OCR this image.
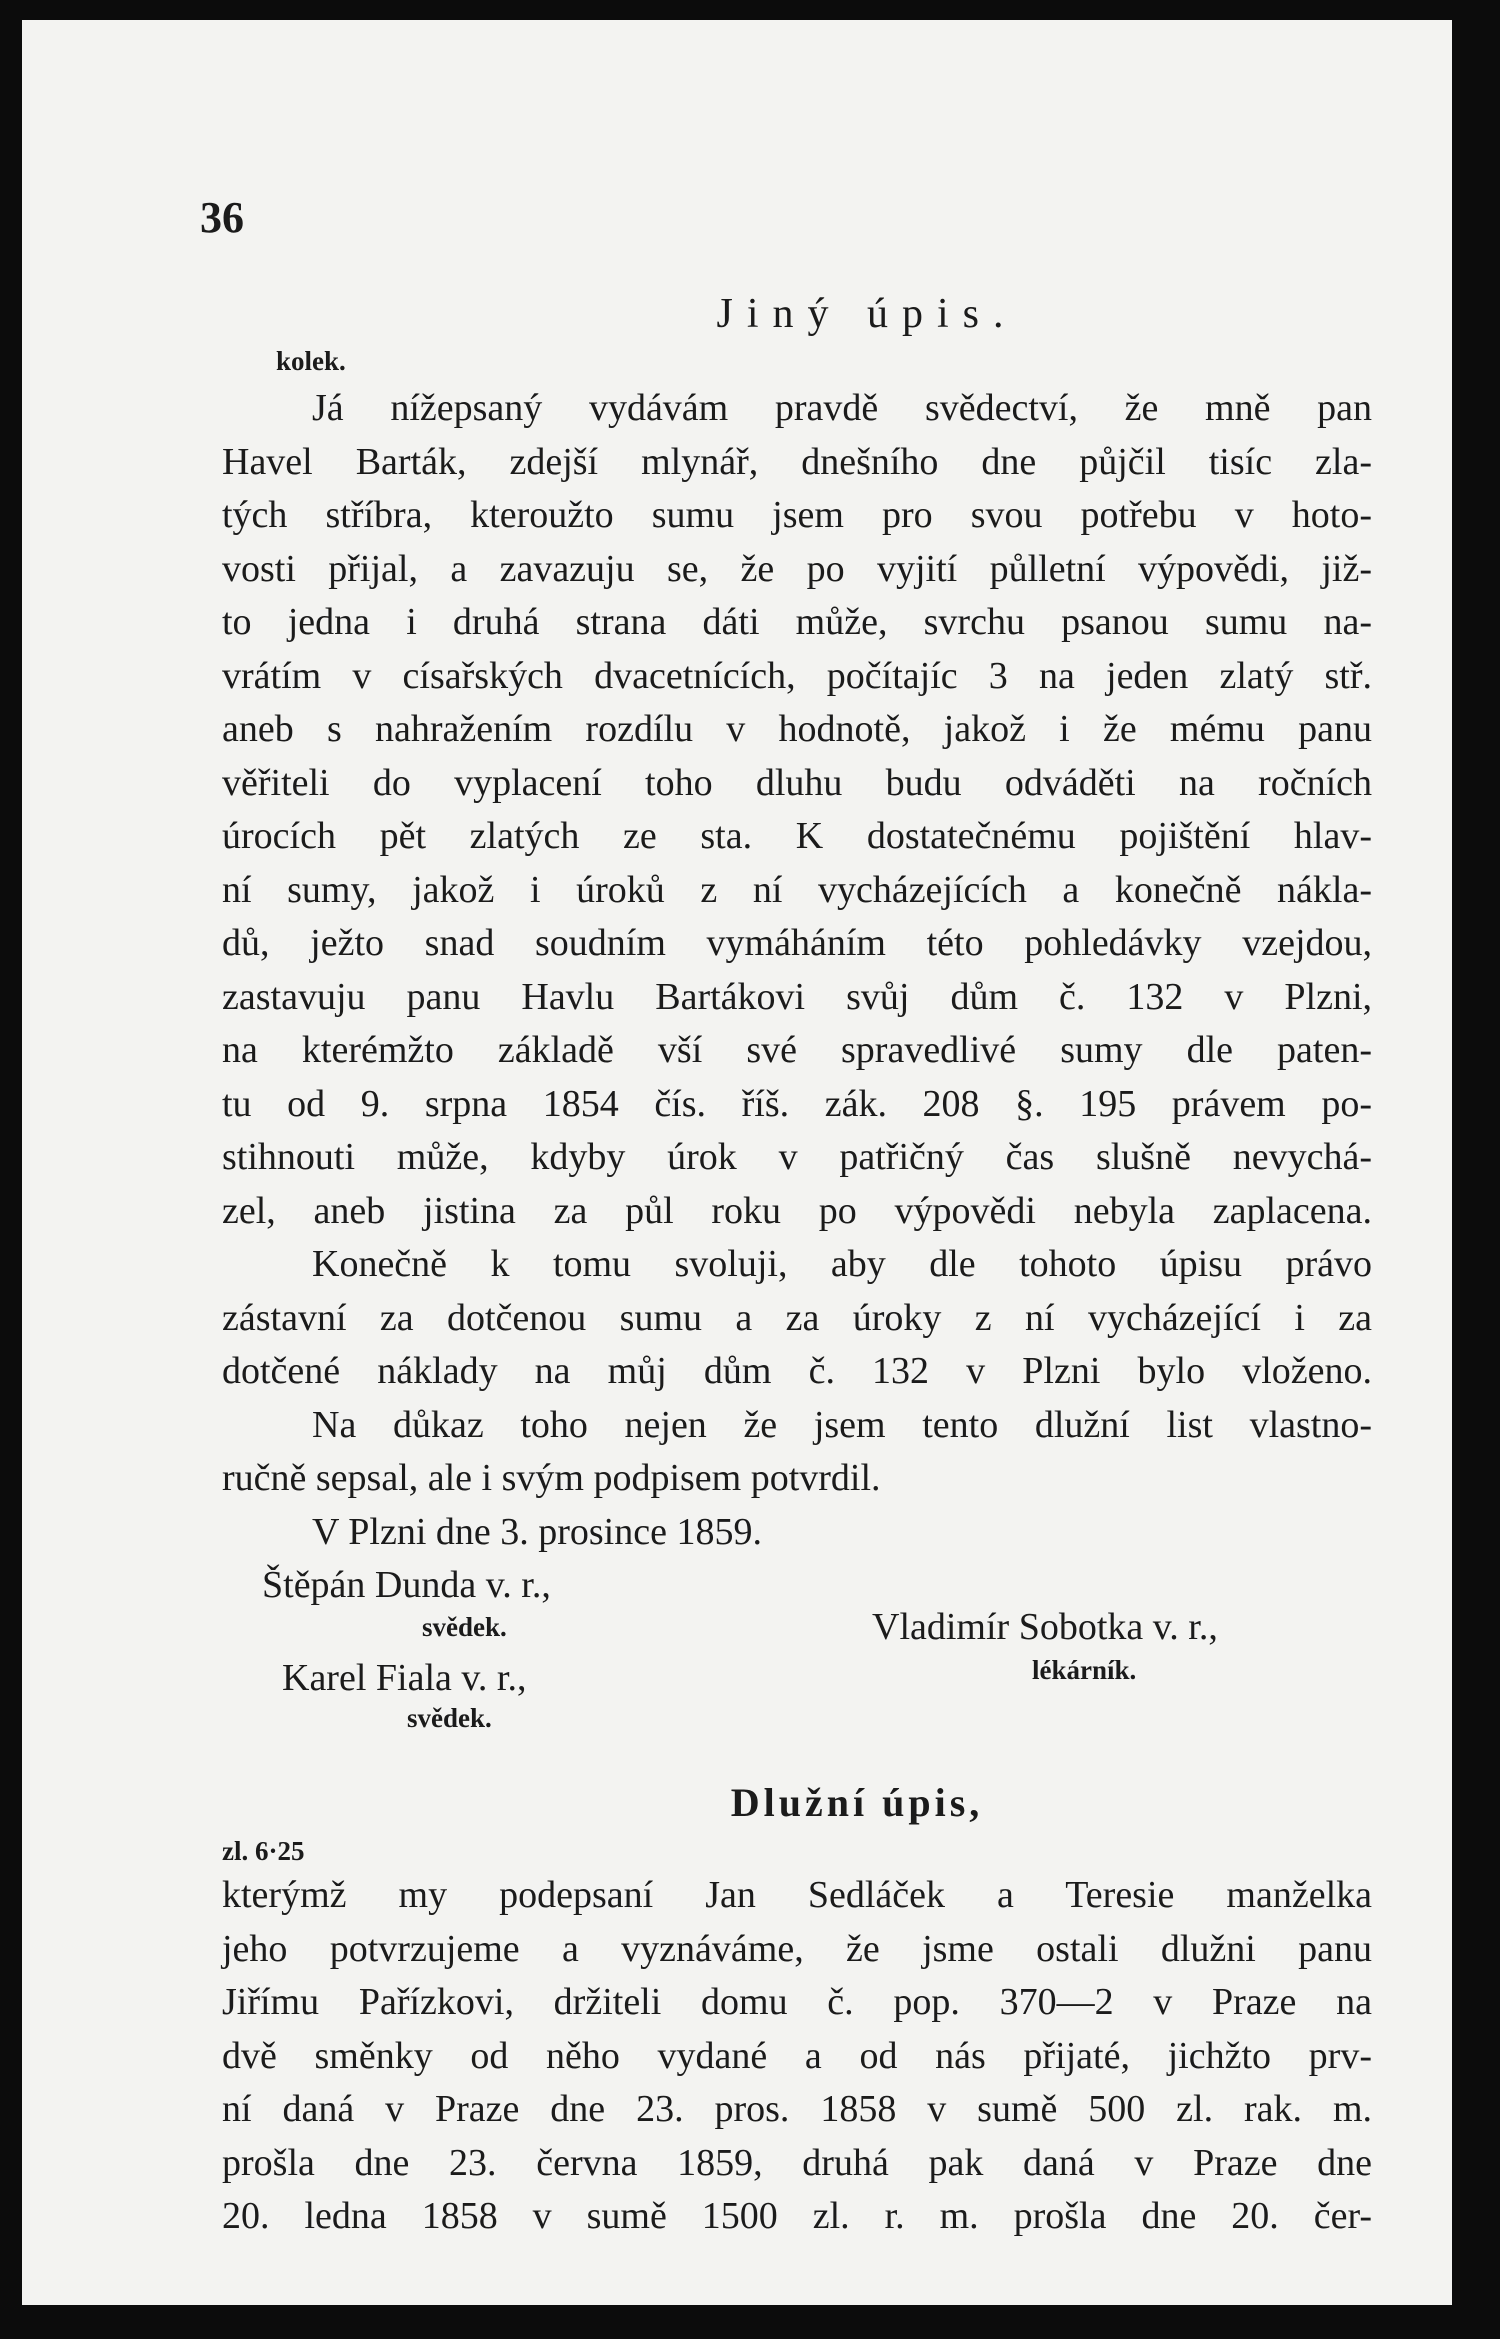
36
Jiný úpis.
kolek.
Já nížepsaný vydávám pravdě svědectví, že mně pan
Havel Barták, zdejší mlynář, dnešního dne půjčil tisíc zla-
tých stříbra, kteroužto sumu jsem pro svou potřebu v hoto-
vosti přijal, a zavazuju se, že po vyjití půlletní výpovědi, již-
to jedna i druhá strana dáti může, svrchu psanou sumu na-
vrátím v císařských dvacetnících, počítajíc 3 na jeden zlatý stř.
aneb s nahražením rozdílu v hodnotě, jakož i že mému panu
věřiteli do vyplacení toho dluhu budu odváděti na ročních
úrocích pět zlatých ze sta. K dostatečnému pojištění hlav-
ní sumy, jakož i úroků z ní vycházejících a konečně nákla-
dů, ježto snad soudním vymáháním této pohledávky vzejdou,
zastavuju panu Havlu Bartákovi svůj dům č. 132 v Plzni,
na kterémžto základě vší své spravedlivé sumy dle paten-
tu od 9. srpna 1854 čís. říš. zák. 208 §. 195 právem po-
stihnouti může, kdyby úrok v patřičný čas slušně nevychá-
zel, aneb jistina za půl roku po výpovědi nebyla zaplacena.
Konečně k tomu svoluji, aby dle tohoto úpisu právo
zástavní za dotčenou sumu a za úroky z ní vycházející i za
dotčené náklady na můj dům č. 132 v Plzni bylo vloženo.
Na důkaz toho nejen že jsem tento dlužní list vlastno-
ručně sepsal, ale i svým podpisem potvrdil.
V Plzni dne 3. prosince 1859.
Štěpán Dunda v. r.,
svědek.	Vladimír Sobotka v. r.,
Karel Fiala v. r.,	lékárník.
svědek.
Dlužní úpis,
zl. 6·25
kterýmž my podepsaní Jan Sedláček a Teresie manželka
jeho potvrzujeme a vyznáváme, že jsme ostali dlužni panu
Jiřímu Pařízkovi, držiteli domu č. pop. 370—2 v Praze na
dvě směnky od něho vydané a od nás přijaté, jichžto prv-
ní daná v Praze dne 23. pros. 1858 v sumě 500 zl. rak. m.
prošla dne 23. června 1859, druhá pak daná v Praze dne
20. ledna 1858 v sumě 1500 zl. r. m. prošla dne 20. čer-
